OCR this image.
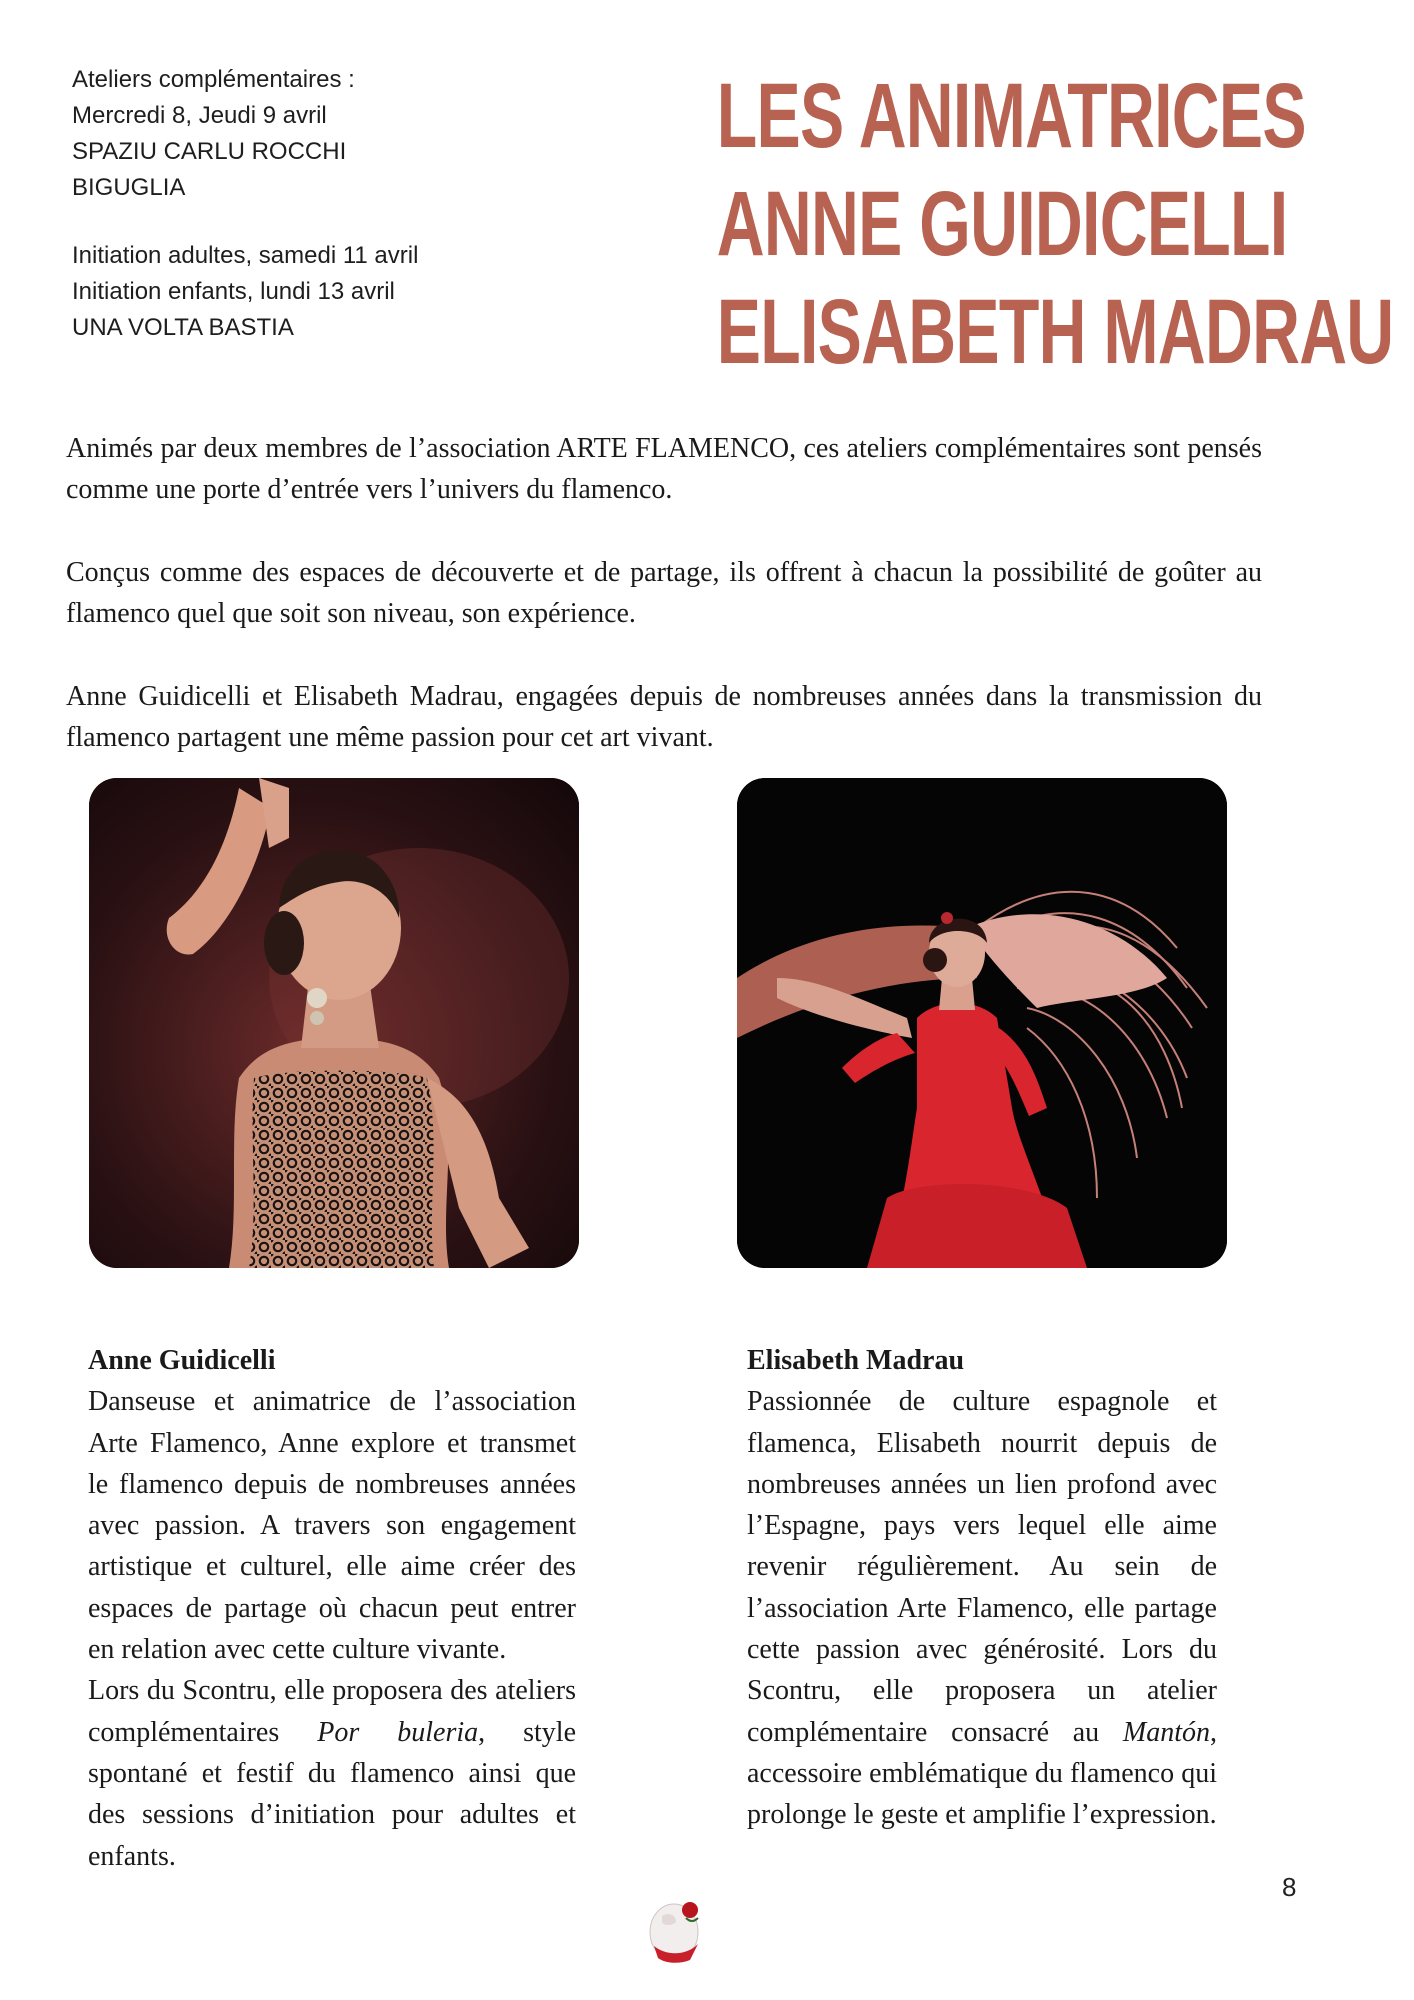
Ateliers complémentaires :
Mercredi 8, Jeudi 9 avril
SPAZIU CARLU ROCCHI
BIGUGLIA
Initiation adultes, samedi 11 avril
Initiation enfants, lundi 13 avril
UNA VOLTA BASTIA
LES ANIMATRICES
ANNE GUIDICELLI
ELISABETH MADRAU

Animés par deux membres de l’association ARTE FLAMENCO, ces ateliers complémentaires sont pensés comme une porte d’entrée vers l’univers du flamenco.

Conçus comme des espaces de découverte et de partage, ils offrent à chacun la possibilité de goûter au flamenco quel que soit son niveau, son expérience.

Anne Guidicelli et Elisabeth Madrau, engagées depuis de nombreuses années dans la transmission du flamenco partagent une même passion pour cet art vivant.

Anne Guidicelli

Danseuse et animatrice de l’association Arte Flamenco, Anne explore et transmet le flamenco depuis de nombreuses années avec passion. A travers son engagement artistique et culturel, elle aime créer des espaces de partage où chacun peut entrer en relation avec cette culture vivante.

Lors du Scontru, elle proposera des ateliers complémentaires Por buleria, style spontané et festif du flamenco ainsi que des sessions d’initiation pour adultes et enfants.

Elisabeth Madrau

Passionnée de culture espagnole et flamenca, Elisabeth nourrit depuis de nombreuses années un lien profond avec l’Espagne, pays vers lequel elle aime revenir régulièrement. Au sein de l’association Arte Flamenco, elle partage cette passion avec générosité. Lors du Scontru, elle proposera un atelier complémentaire consacré au Mantón, accessoire emblématique du flamenco qui prolonge le geste et amplifie l’expression.

8
